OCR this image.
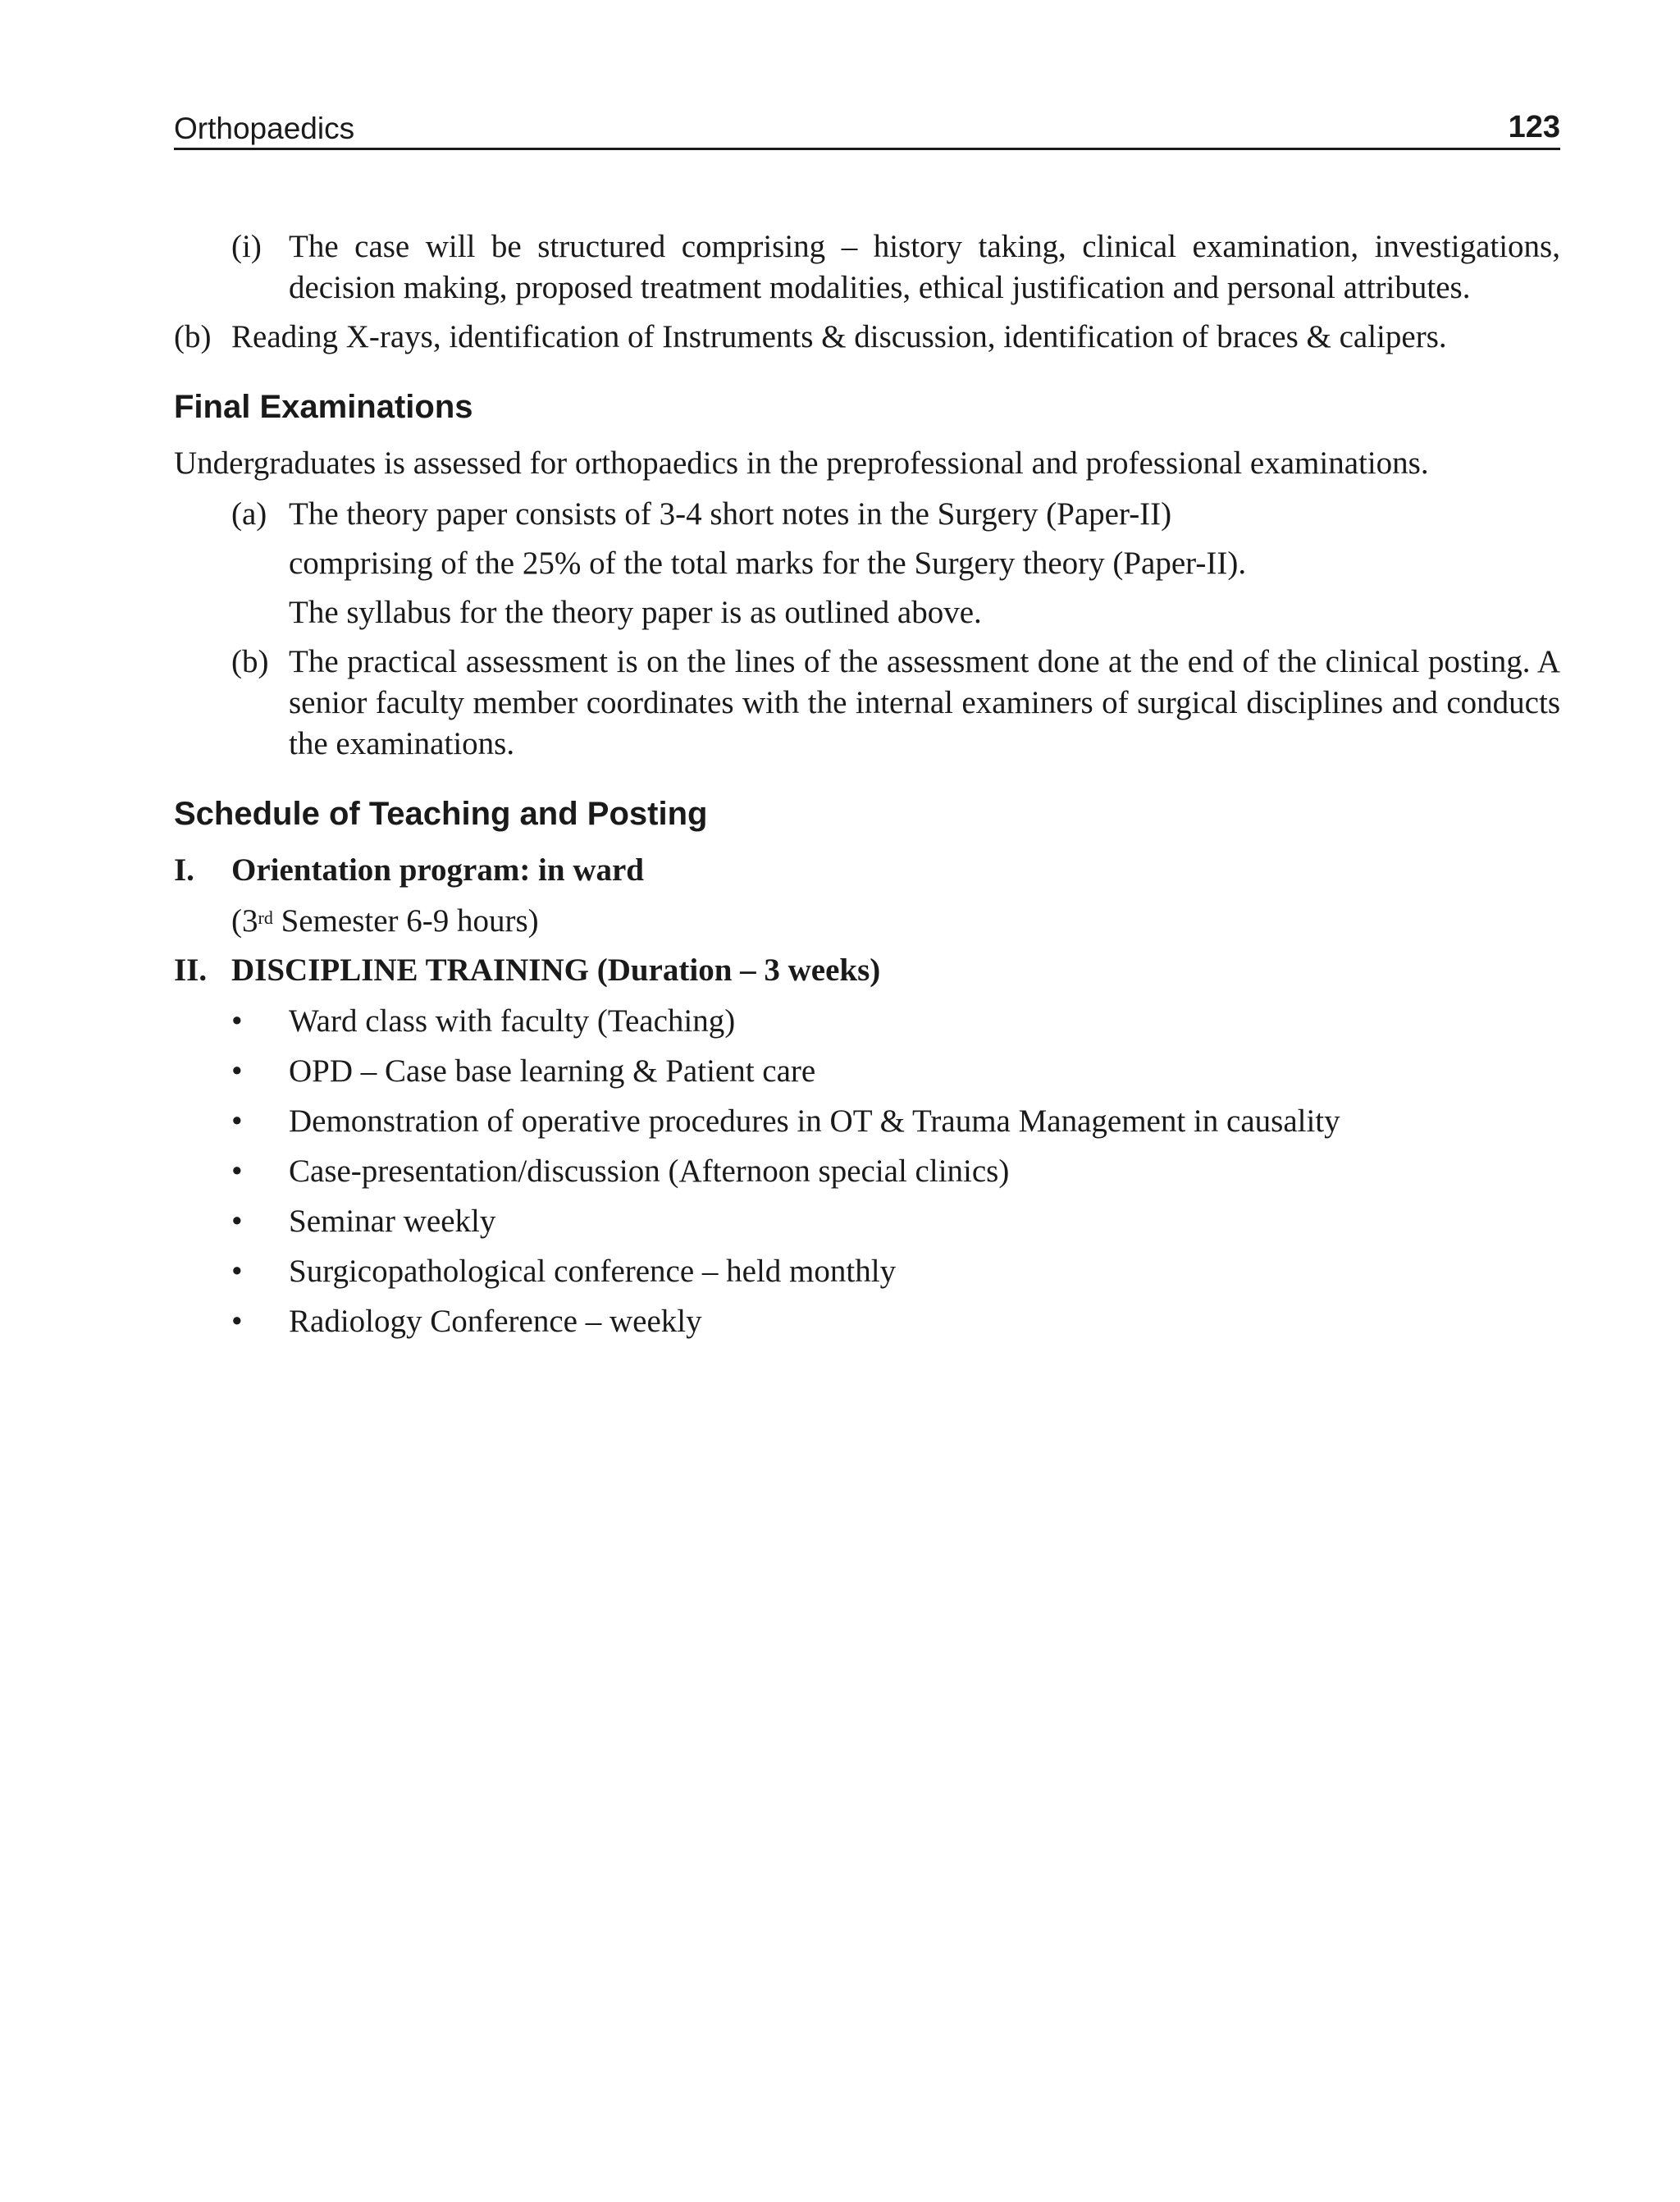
Orthopaedics	123
(i) The case will be structured comprising – history taking, clinical examination, investigations, decision making, proposed treatment modalities, ethical justification and personal attributes.
(b) Reading X-rays, identification of Instruments & discussion, identification of braces & calipers.
Final Examinations
Undergraduates is assessed for orthopaedics in the preprofessional and professional examinations.
(a) The theory paper consists of 3-4 short notes in the Surgery (Paper-II)
comprising of the 25% of the total marks for the Surgery theory (Paper-II).
The syllabus for the theory paper is as outlined above.
(b) The practical assessment is on the lines of the assessment done at the end of the clinical posting. A senior faculty member coordinates with the internal examiners of surgical disciplines and conducts the examinations.
Schedule of Teaching and Posting
I. Orientation program: in ward
(3rd Semester 6-9 hours)
II. DISCIPLINE TRAINING (Duration – 3 weeks)
• Ward class with faculty (Teaching)
• OPD – Case base learning & Patient care
• Demonstration of operative procedures in OT & Trauma Management in causality
• Case-presentation/discussion (Afternoon special clinics)
• Seminar weekly
• Surgicopathological conference – held monthly
• Radiology Conference – weekly
